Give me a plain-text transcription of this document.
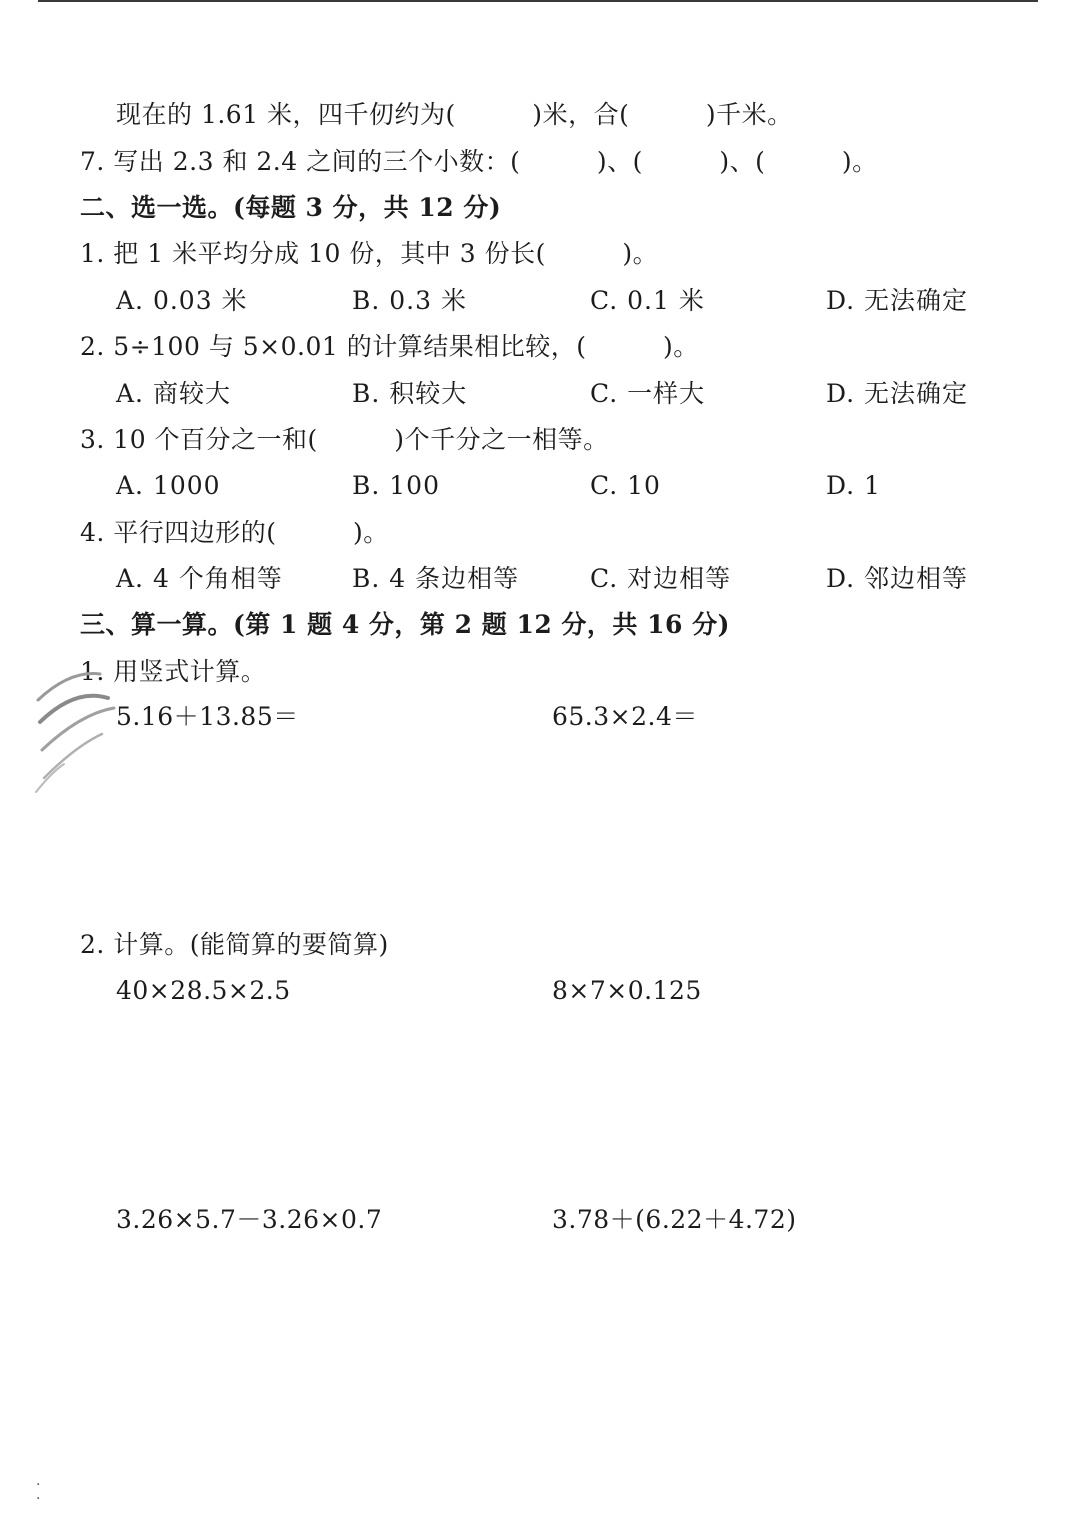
现在的 1.61 米，四千仞约为(　　　)米，合(　　　)千米。
7. 写出 2.3 和 2.4 之间的三个小数：(　　　)、(　　　)、(　　　)。
二、选一选。(每题 3 分，共 12 分)
1. 把 1 米平均分成 10 份，其中 3 份长(　　　)。
A. 0.03 米	B. 0.3 米	C. 0.1 米	D. 无法确定
2. 5÷100 与 5×0.01 的计算结果相比较，(　　　)。
A. 商较大	B. 积较大	C. 一样大	D. 无法确定
3. 10 个百分之一和(　　　)个千分之一相等。
A. 1000	B. 100	C. 10	D. 1
4. 平行四边形的(　　　)。
A. 4 个角相等	B. 4 条边相等	C. 对边相等	D. 邻边相等
三、算一算。(第 1 题 4 分，第 2 题 12 分，共 16 分)
1. 用竖式计算。
5.16＋13.85＝	65.3×2.4＝
2. 计算。(能简算的要简算)
40×28.5×2.5	8×7×0.125
3.26×5.7－3.26×0.7	3.78＋(6.22＋4.72)
·
·
